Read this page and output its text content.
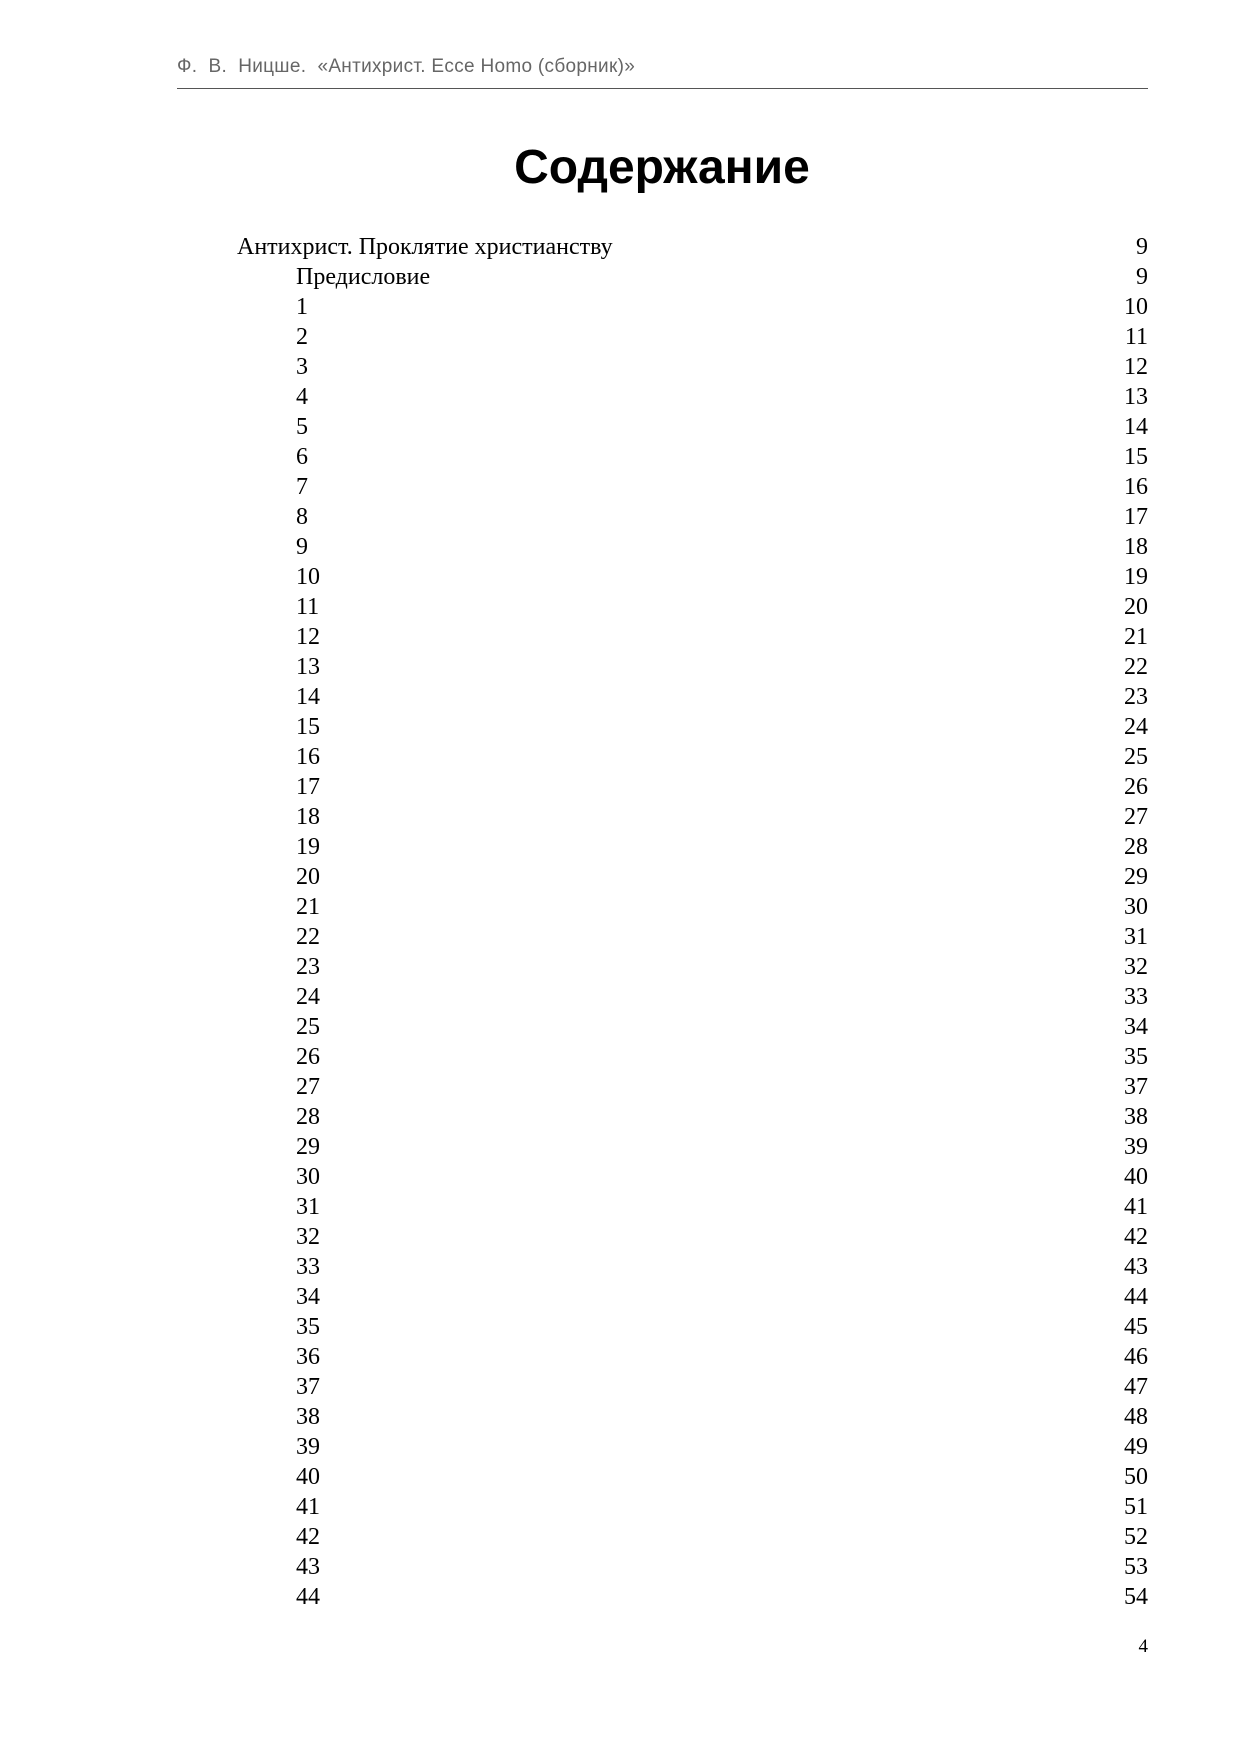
Ф.  В.  Ницше.  «Антихрист. Ecce Homo (сборник)»
Содержание
Антихрист. Проклятие христианству	9
Предисловие	9
1	10
2	11
3	12
4	13
5	14
6	15
7	16
8	17
9	18
10	19
11	20
12	21
13	22
14	23
15	24
16	25
17	26
18	27
19	28
20	29
21	30
22	31
23	32
24	33
25	34
26	35
27	37
28	38
29	39
30	40
31	41
32	42
33	43
34	44
35	45
36	46
37	47
38	48
39	49
40	50
41	51
42	52
43	53
44	54
4
